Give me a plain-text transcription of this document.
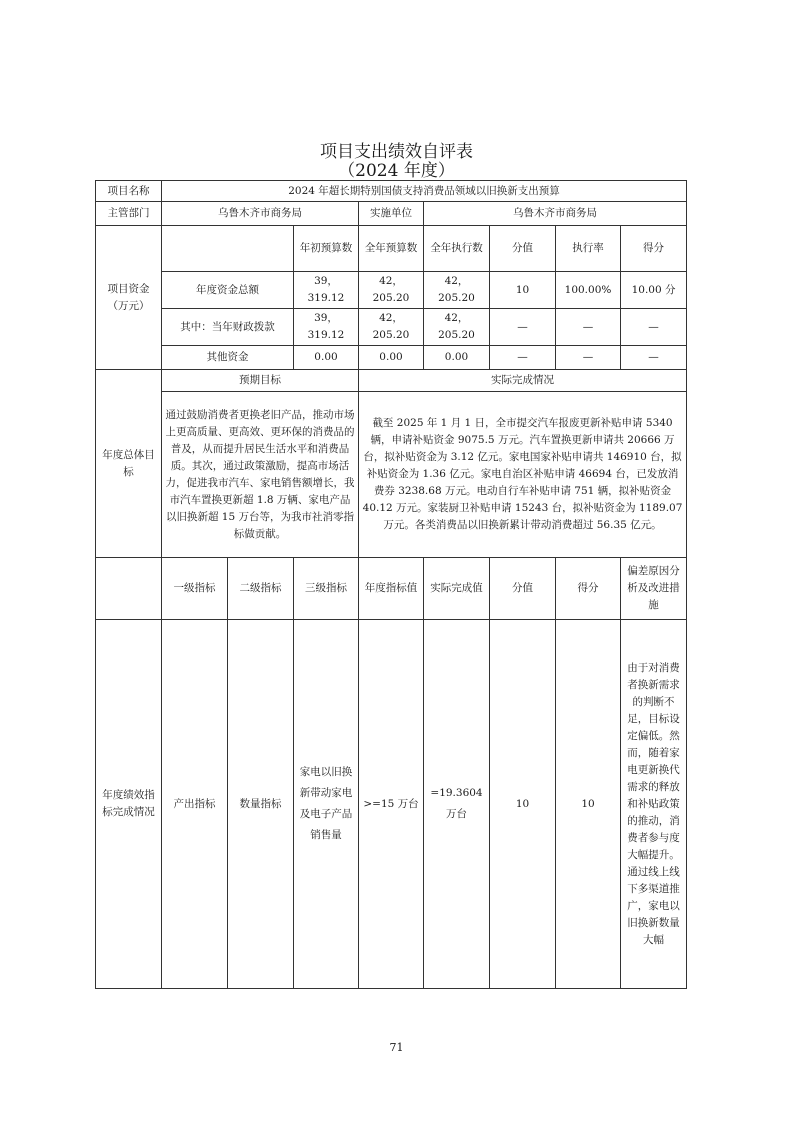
项目支出绩效自评表
（2024 年度）
项目名称	2024 年超长期特别国债支持消费品领域以旧换新支出预算							
主管部门	乌鲁木齐市商务局			实施单位	乌鲁木齐市商务局			
项目资金（万元）			年初预算数	全年预算数	全年执行数	分值	执行率	得分
	年度资金总额		39，319.12	42，205.20	42，205.20	10	100.00%	10.00 分
	其中：当年财政拨款		39，319.12	42，205.20	42，205.20	—	—	—
	其他资金		0.00	0.00	0.00	—	—	—
年度总体目标	预期目标			实际完成情况				
	通过鼓励消费者更换老旧产品，推动市场上更高质量、更高效、更环保的消费品的普及，从而提升居民生活水平和消费品质。其次，通过政策激励，提高市场活力，促进我市汽车、家电销售额增长，我市汽车置换更新超 1.8 万辆、家电产品以旧换新超 15 万台等，为我市社消零指标做贡献。			截至 2025 年 1 月 1 日，全市提交汽车报废更新补贴申请 5340 辆，申请补贴资金 9075.5 万元。汽车置换更新申请共 20666 万台，拟补贴资金为 3.12 亿元。家电国家补贴申请共 146910 台，拟补贴资金为 1.36 亿元。家电自治区补贴申请 46694 台，已发放消费券 3238.68 万元。电动自行车补贴申请 751 辆，拟补贴资金 40.12 万元。家装厨卫补贴申请 15243 台，拟补贴资金为 1189.07 万元。各类消费品以旧换新累计带动消费超过 56.35 亿元。				
	一级指标	二级指标	三级指标	年度指标值	实际完成值	分值	得分	偏差原因分析及改进措施
年度绩效指标完成情况	产出指标	数量指标	家电以旧换新带动家电及电子产品销售量	>=15 万台	=19.3604 万台	10	10	由于对消费者换新需求的判断不足，目标设定偏低。然而，随着家电更新换代需求的释放和补贴政策的推动，消费者参与度大幅提升。通过线上线下多渠道推广，家电以旧换新数量大幅
71
